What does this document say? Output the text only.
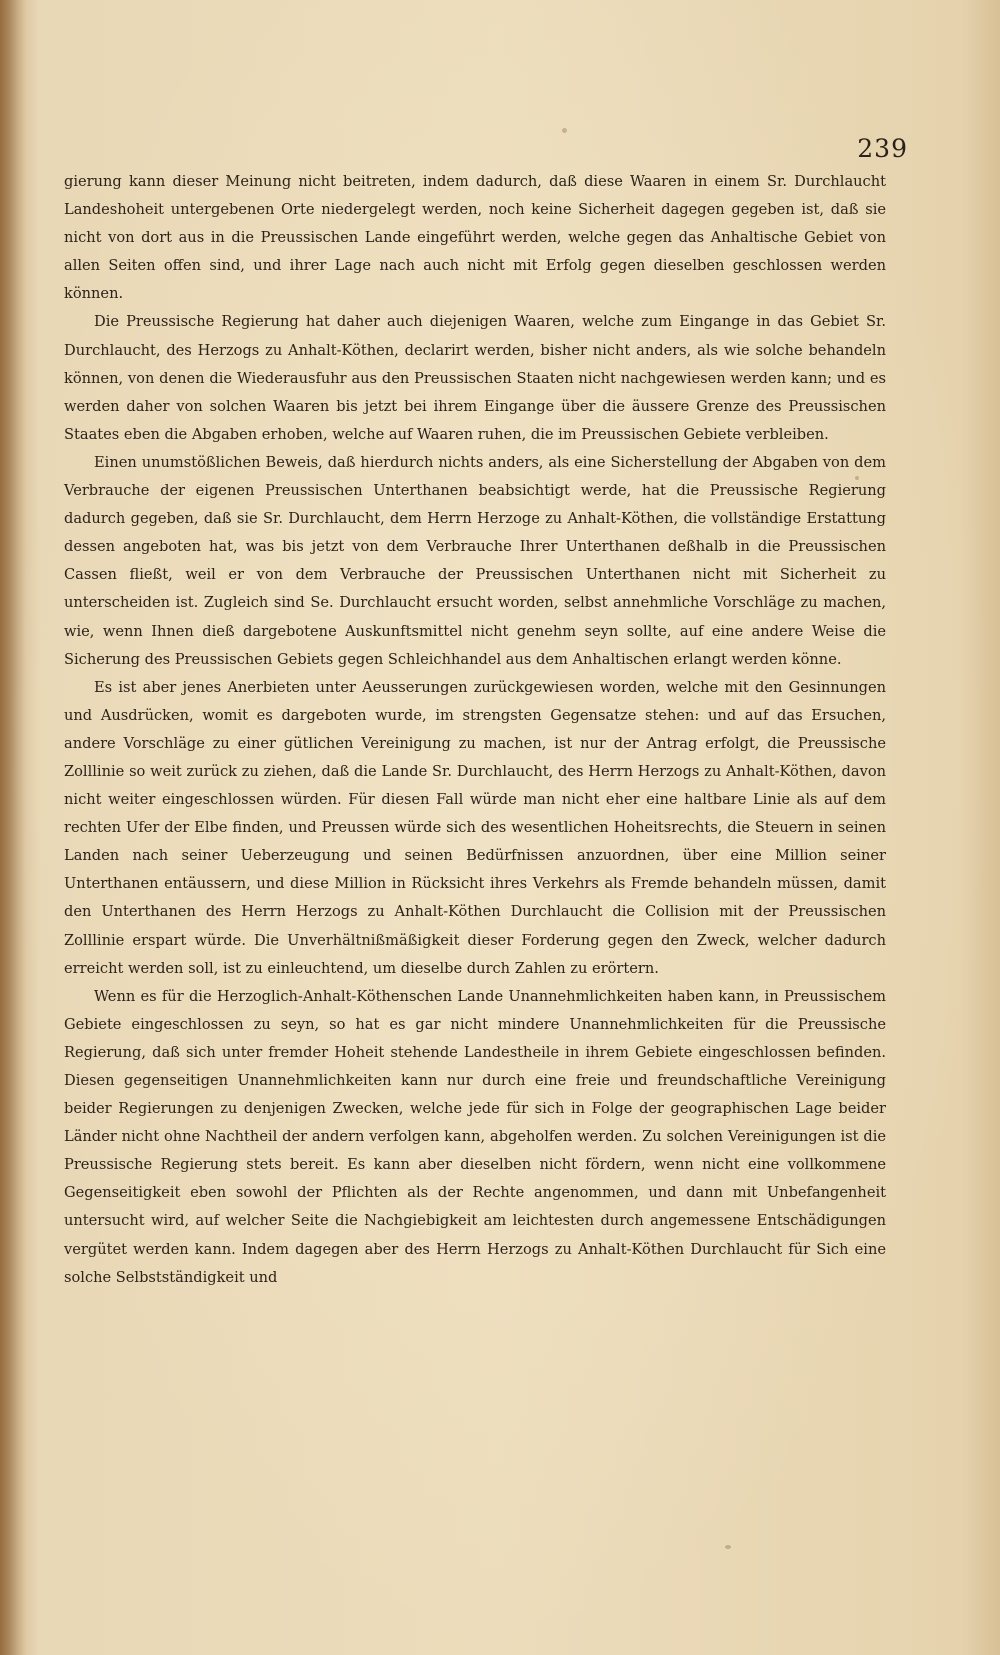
239

gierung kann dieser Meinung nicht beitreten, indem dadurch, daß diese Waaren in einem Sr. Durchlaucht Landeshoheit untergebenen Orte niedergelegt werden, noch keine Sicherheit dagegen gegeben ist, daß sie nicht von dort aus in die Preussischen Lande eingeführt werden, welche gegen das Anhaltische Gebiet von allen Seiten offen sind, und ihrer Lage nach auch nicht mit Erfolg gegen dieselben geschlossen werden können.

Die Preussische Regierung hat daher auch diejenigen Waaren, welche zum Eingange in das Gebiet Sr. Durchlaucht, des Herzogs zu Anhalt-Köthen, declarirt werden, bisher nicht anders, als wie solche behandeln können, von denen die Wiederausfuhr aus den Preussischen Staaten nicht nachgewiesen werden kann; und es werden daher von solchen Waaren bis jetzt bei ihrem Eingange über die äussere Grenze des Preussischen Staates eben die Abgaben erhoben, welche auf Waaren ruhen, die im Preussischen Gebiete verbleiben.

Einen unumstößlichen Beweis, daß hierdurch nichts anders, als eine Sicherstellung der Abgaben von dem Verbrauche der eigenen Preussischen Unterthanen beabsichtigt werde, hat die Preussische Regierung dadurch gegeben, daß sie Sr. Durchlaucht, dem Herrn Herzoge zu Anhalt-Köthen, die vollständige Erstattung dessen angeboten hat, was bis jetzt von dem Verbrauche Ihrer Unterthanen deßhalb in die Preussischen Cassen fließt, weil er von dem Verbrauche der Preussischen Unterthanen nicht mit Sicherheit zu unterscheiden ist. Zugleich sind Se. Durchlaucht ersucht worden, selbst annehmliche Vorschläge zu machen, wie, wenn Ihnen dieß dargebotene Auskunftsmittel nicht genehm seyn sollte, auf eine andere Weise die Sicherung des Preussischen Gebiets gegen Schleichhandel aus dem Anhaltischen erlangt werden könne.

Es ist aber jenes Anerbieten unter Aeusserungen zurückgewiesen worden, welche mit den Gesinnungen und Ausdrücken, womit es dargeboten wurde, im strengsten Gegensatze stehen: und auf das Ersuchen, andere Vorschläge zu einer gütlichen Vereinigung zu machen, ist nur der Antrag erfolgt, die Preussische Zolllinie so weit zurück zu ziehen, daß die Lande Sr. Durchlaucht, des Herrn Herzogs zu Anhalt-Köthen, davon nicht weiter eingeschlossen würden. Für diesen Fall würde man nicht eher eine haltbare Linie als auf dem rechten Ufer der Elbe finden, und Preussen würde sich des wesentlichen Hoheitsrechts, die Steuern in seinen Landen nach seiner Ueberzeugung und seinen Bedürfnissen anzuordnen, über eine Million seiner Unterthanen entäussern, und diese Million in Rücksicht ihres Verkehrs als Fremde behandeln müssen, damit den Unterthanen des Herrn Herzogs zu Anhalt-Köthen Durchlaucht die Collision mit der Preussischen Zolllinie erspart würde. Die Unverhältnißmäßigkeit dieser Forderung gegen den Zweck, welcher dadurch erreicht werden soll, ist zu einleuchtend, um dieselbe durch Zahlen zu erörtern.

Wenn es für die Herzoglich-Anhalt-Köthenschen Lande Unannehmlichkeiten haben kann, in Preussischem Gebiete eingeschlossen zu seyn, so hat es gar nicht mindere Unannehmlichkeiten für die Preussische Regierung, daß sich unter fremder Hoheit stehende Landestheile in ihrem Gebiete eingeschlossen befinden. Diesen gegenseitigen Unannehmlichkeiten kann nur durch eine freie und freundschaftliche Vereinigung beider Regierungen zu denjenigen Zwecken, welche jede für sich in Folge der geographischen Lage beider Länder nicht ohne Nachtheil der andern verfolgen kann, abgeholfen werden. Zu solchen Vereinigungen ist die Preussische Regierung stets bereit. Es kann aber dieselben nicht fördern, wenn nicht eine vollkommene Gegenseitigkeit eben sowohl der Pflichten als der Rechte angenommen, und dann mit Unbefangenheit untersucht wird, auf welcher Seite die Nachgiebigkeit am leichtesten durch angemessene Entschädigungen vergütet werden kann. Indem dagegen aber des Herrn Herzogs zu Anhalt-Köthen Durchlaucht für Sich eine solche Selbstständigkeit und
